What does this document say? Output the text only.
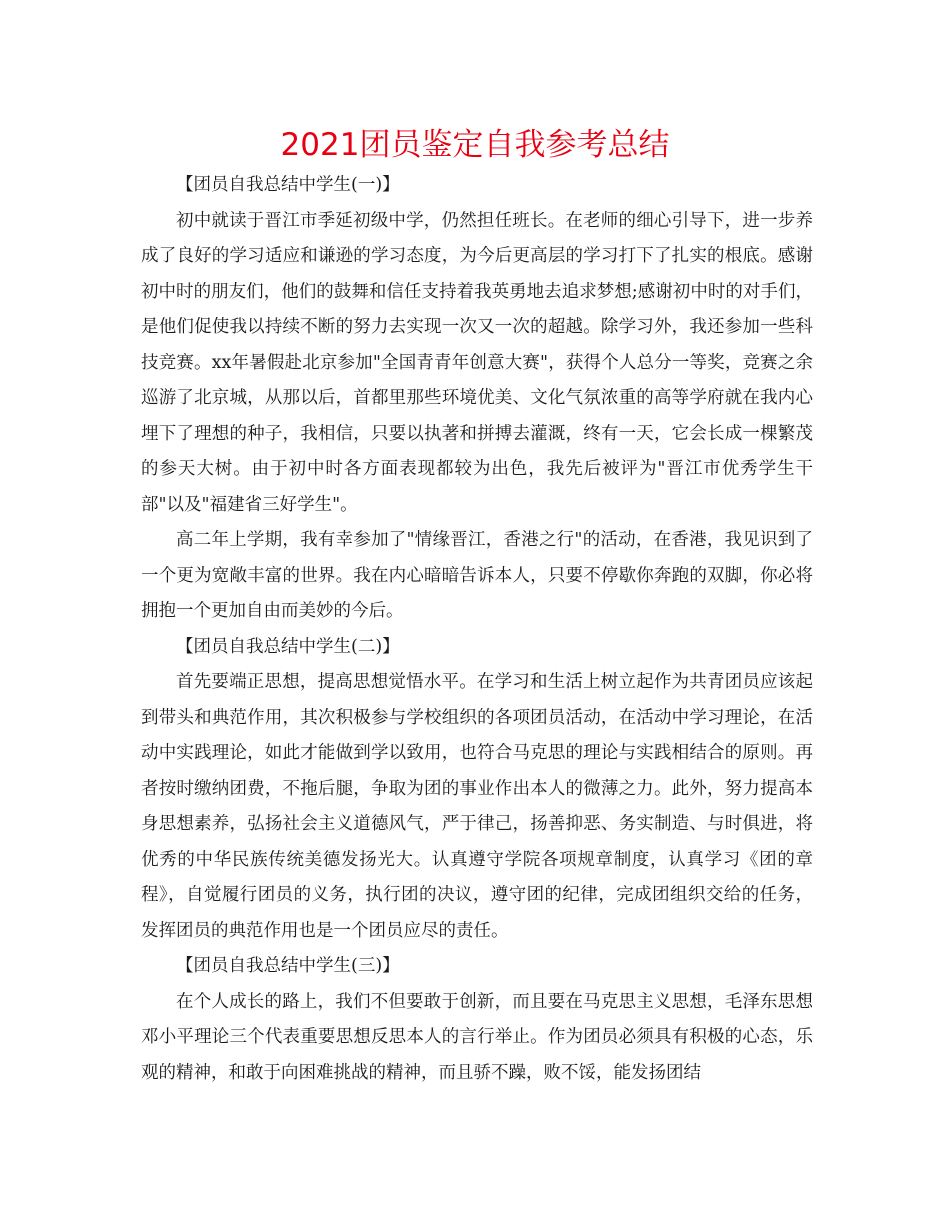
2021团员鉴定自我参考总结

【团员自我总结中学生(一)】

初中就读于晋江市季延初级中学，仍然担任班长。在老师的细心引导下，进一步养成了良好的学习适应和谦逊的学习态度，为今后更高层的学习打下了扎实的根底。感谢初中时的朋友们，他们的鼓舞和信任支持着我英勇地去追求梦想;感谢初中时的对手们，是他们促使我以持续不断的努力去实现一次又一次的超越。除学习外，我还参加一些科技竞赛。xx年暑假赴北京参加"全国青青年创意大赛"，获得个人总分一等奖，竞赛之余巡游了北京城，从那以后，首都里那些环境优美、文化气氛浓重的高等学府就在我内心埋下了理想的种子，我相信，只要以执著和拼搏去灌溉，终有一天，它会长成一棵繁茂的参天大树。由于初中时各方面表现都较为出色，我先后被评为"晋江市优秀学生干部"以及"福建省三好学生"。

高二年上学期，我有幸参加了"情缘晋江，香港之行"的活动，在香港，我见识到了一个更为宽敞丰富的世界。我在内心暗暗告诉本人，只要不停歇你奔跑的双脚，你必将拥抱一个更加自由而美妙的今后。

【团员自我总结中学生(二)】

首先要端正思想，提高思想觉悟水平。在学习和生活上树立起作为共青团员应该起到带头和典范作用，其次积极参与学校组织的各项团员活动，在活动中学习理论，在活动中实践理论，如此才能做到学以致用，也符合马克思的理论与实践相结合的原则。再者按时缴纳团费，不拖后腿，争取为团的事业作出本人的微薄之力。此外，努力提高本身思想素养，弘扬社会主义道德风气，严于律己，扬善抑恶、务实制造、与时俱进，将优秀的中华民族传统美德发扬光大。认真遵守学院各项规章制度，认真学习《团的章程》，自觉履行团员的义务，执行团的决议，遵守团的纪律，完成团组织交给的任务，发挥团员的典范作用也是一个团员应尽的责任。

【团员自我总结中学生(三)】

在个人成长的路上，我们不但要敢于创新，而且要在马克思主义思想，毛泽东思想邓小平理论三个代表重要思想反思本人的言行举止。作为团员必须具有积极的心态，乐观的精神，和敢于向困难挑战的精神，而且骄不躁，败不馁，能发扬团结
